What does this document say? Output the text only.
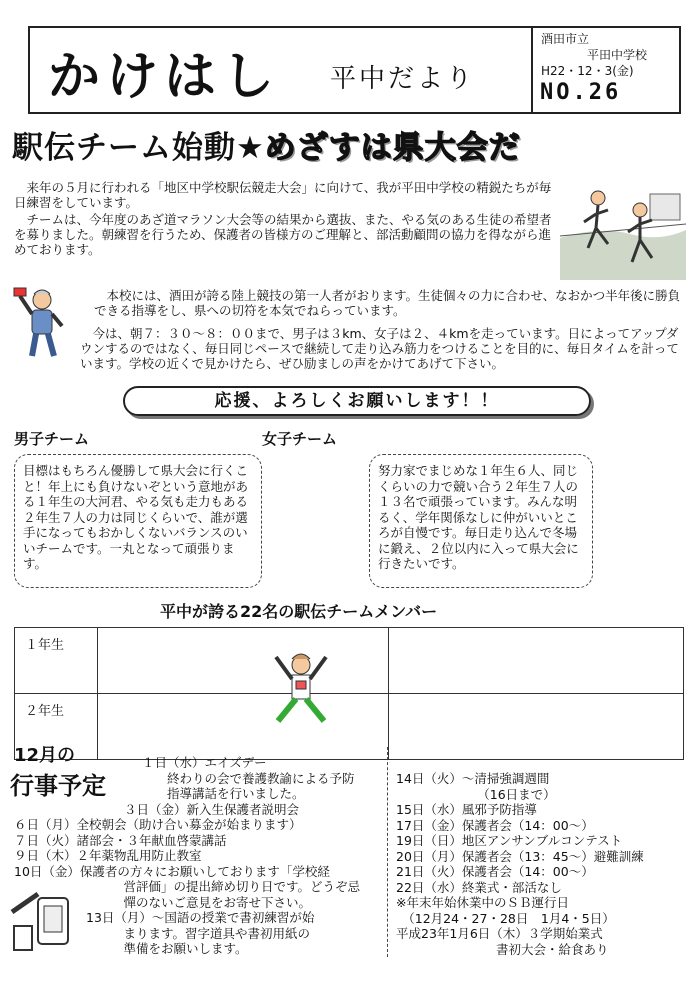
かけはし 平中だより
酒田市立
平田中学校
H22・12・3(金)
NO.26
駅伝チーム始動★めざすは県大会だ
　来年の５月に行われる「地区中学校駅伝競走大会」に向けて、我が平田中学校の精鋭たちが毎日練習をしています。
　チームは、今年度のあざ道マラソン大会等の結果から選抜、また、やる気のある生徒の希望者を募りました。朝練習を行うため、保護者の皆様方のご理解と、部活動顧問の協力を得ながら進めております。
　本校には、酒田が誇る陸上競技の第一人者がおります。生徒個々の力に合わせ、なおかつ半年後に勝負できる指導をし、県への切符を本気でねらっています。
　今は、朝７：３０～８：００まで、男子は３km、女子は２、４kmを走っています。日によってアップダウンするのではなく、毎日同じペースで継続して走り込み筋力をつけることを目的に、毎日タイムを計っています。学校の近くで見かけたら、ぜひ励ましの声をかけてあげて下さい。
応援、よろしくお願いします！！
男子チーム	女子チーム
目標はもちろん優勝して県大会に行くこと！年上にも負けないぞという意地がある１年生の大河君、やる気も走力もある２年生７人の力は同じくらいで、誰が選手になってもおかしくないバランスのいいチームです。一丸となって頑張ります。
努力家でまじめな１年生６人、同じくらいの力で競い合う２年生７人の１３名で頑張っています。みんな明るく、学年関係なしに仲がいいところが自慢です。毎日走り込んで冬場に鍛え、２位以内に入って県大会に行きたいです。
平中が誇る22名の駅伝チームメンバー
１年生		
２年生		
12月の
行事予定
１日（水）エイズデー
　　終わりの会で養護教諭による予防
　　指導講話を行いました。
３日（金）新入生保護者説明会
６日（月）全校朝会（助け合い募金が始まります）
７日（火）諸部会・３年献血啓蒙講話
９日（木）２年薬物乱用防止教室
10日（金）保護者の方々にお願いしております「学校経
　　　営評価」の提出締め切り日です。どうぞ忌
　　　憚のないご意見をお寄せ下さい。
13日（月）～国語の授業で書初練習が始
　　　まります。習字道具や書初用紙の
　　　準備をお願いします。
14日（火）～清掃強調週間
　　　　　　　（16日まで）
15日（水）風邪予防指導
17日（金）保護者会（14：00～）
19日（日）地区アンサンブルコンテスト
20日（月）保護者会（13：45～）避難訓練
21日（火）保護者会（14：00～）
22日（水）終業式・部活なし
※年末年始休業中のＳＢ運行日
　（12月24・27・28日　1月4・5日）
平成23年1月6日（木）３学期始業式
　　　　　　　　書初大会・給食あり
